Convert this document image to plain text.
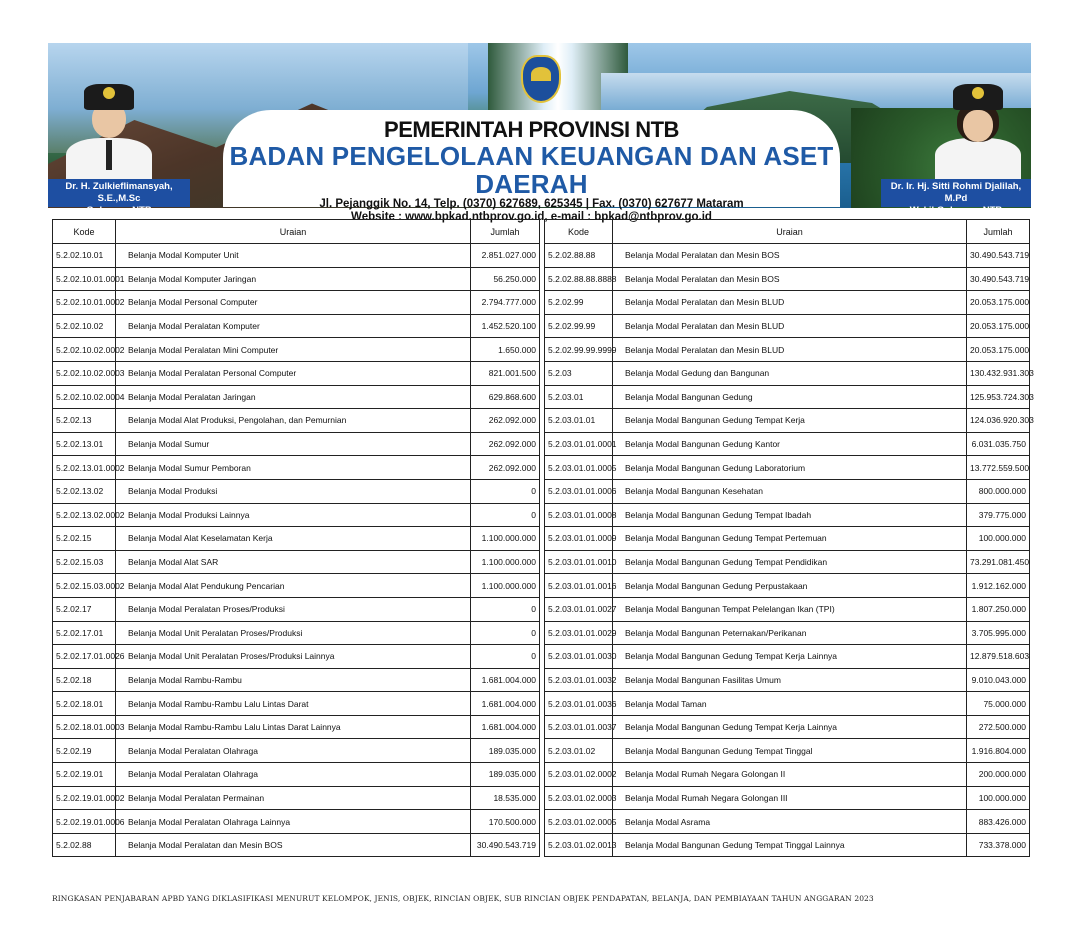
Dr. H. Zulkieflimansyah, S.E.,M.Sc
Gubernur NTB
Dr. Ir. Hj. Sitti Rohmi Djalilah, M.Pd
Wakil Gubernur NTB
PEMERINTAH PROVINSI NTB
BADAN PENGELOLAAN KEUANGAN DAN ASET DAERAH
Jl. Pejanggik No. 14, Telp. (0370) 627689, 625345 | Fax. (0370) 627677 Mataram
Website : www.bpkad.ntbprov.go.id, e-mail : bpkad@ntbprov.go.id
Kode	Uraian	Jumlah
5.2.02.10.01	Belanja Modal Komputer Unit	2.851.027.000
5.2.02.10.01.0001	Belanja Modal Komputer Jaringan	56.250.000
5.2.02.10.01.0002	Belanja Modal Personal Computer	2.794.777.000
5.2.02.10.02	Belanja Modal Peralatan Komputer	1.452.520.100
5.2.02.10.02.0002	Belanja Modal Peralatan Mini Computer	1.650.000
5.2.02.10.02.0003	Belanja Modal Peralatan Personal Computer	821.001.500
5.2.02.10.02.0004	Belanja Modal Peralatan Jaringan	629.868.600
5.2.02.13	Belanja Modal Alat Produksi, Pengolahan, dan Pemurnian	262.092.000
5.2.02.13.01	Belanja Modal Sumur	262.092.000
5.2.02.13.01.0002	Belanja Modal Sumur Pemboran	262.092.000
5.2.02.13.02	Belanja Modal Produksi	0
5.2.02.13.02.0002	Belanja Modal Produksi Lainnya	0
5.2.02.15	Belanja Modal Alat Keselamatan Kerja	1.100.000.000
5.2.02.15.03	Belanja Modal Alat SAR	1.100.000.000
5.2.02.15.03.0002	Belanja Modal Alat Pendukung Pencarian	1.100.000.000
5.2.02.17	Belanja Modal Peralatan Proses/Produksi	0
5.2.02.17.01	Belanja Modal Unit Peralatan Proses/Produksi	0
5.2.02.17.01.0026	Belanja Modal Unit Peralatan Proses/Produksi Lainnya	0
5.2.02.18	Belanja Modal Rambu-Rambu	1.681.004.000
5.2.02.18.01	Belanja Modal Rambu-Rambu Lalu Lintas Darat	1.681.004.000
5.2.02.18.01.0003	Belanja Modal Rambu-Rambu Lalu Lintas Darat Lainnya	1.681.004.000
5.2.02.19	Belanja Modal Peralatan Olahraga	189.035.000
5.2.02.19.01	Belanja Modal Peralatan Olahraga	189.035.000
5.2.02.19.01.0002	Belanja Modal Peralatan Permainan	18.535.000
5.2.02.19.01.0006	Belanja Modal Peralatan Olahraga Lainnya	170.500.000
5.2.02.88	Belanja Modal Peralatan dan Mesin BOS	30.490.543.719
Kode	Uraian	Jumlah
5.2.02.88.88	Belanja Modal Peralatan dan Mesin BOS	30.490.543.719
5.2.02.88.88.8888	Belanja Modal Peralatan dan Mesin BOS	30.490.543.719
5.2.02.99	Belanja Modal Peralatan dan Mesin BLUD	20.053.175.000
5.2.02.99.99	Belanja Modal Peralatan dan Mesin BLUD	20.053.175.000
5.2.02.99.99.9999	Belanja Modal Peralatan dan Mesin BLUD	20.053.175.000
5.2.03	Belanja Modal Gedung dan Bangunan	130.432.931.303
5.2.03.01	Belanja Modal Bangunan Gedung	125.953.724.303
5.2.03.01.01	Belanja Modal Bangunan Gedung Tempat Kerja	124.036.920.303
5.2.03.01.01.0001	Belanja Modal Bangunan Gedung Kantor	6.031.035.750
5.2.03.01.01.0005	Belanja Modal Bangunan Gedung Laboratorium	13.772.559.500
5.2.03.01.01.0006	Belanja Modal Bangunan Kesehatan	800.000.000
5.2.03.01.01.0008	Belanja Modal Bangunan Gedung Tempat Ibadah	379.775.000
5.2.03.01.01.0009	Belanja Modal Bangunan Gedung Tempat Pertemuan	100.000.000
5.2.03.01.01.0010	Belanja Modal Bangunan Gedung Tempat Pendidikan	73.291.081.450
5.2.03.01.01.0016	Belanja Modal Bangunan Gedung Perpustakaan	1.912.162.000
5.2.03.01.01.0027	Belanja Modal Bangunan Tempat Pelelangan Ikan (TPI)	1.807.250.000
5.2.03.01.01.0029	Belanja Modal Bangunan Peternakan/Perikanan	3.705.995.000
5.2.03.01.01.0030	Belanja Modal Bangunan Gedung Tempat Kerja Lainnya	12.879.518.603
5.2.03.01.01.0032	Belanja Modal Bangunan Fasilitas Umum	9.010.043.000
5.2.03.01.01.0036	Belanja Modal Taman	75.000.000
5.2.03.01.01.0037	Belanja Modal Bangunan Gedung Tempat Kerja Lainnya	272.500.000
5.2.03.01.02	Belanja Modal Bangunan Gedung Tempat Tinggal	1.916.804.000
5.2.03.01.02.0002	Belanja Modal Rumah Negara Golongan II	200.000.000
5.2.03.01.02.0003	Belanja Modal Rumah Negara Golongan III	100.000.000
5.2.03.01.02.0005	Belanja Modal Asrama	883.426.000
5.2.03.01.02.0013	Belanja Modal Bangunan Gedung Tempat Tinggal Lainnya	733.378.000
RINGKASAN PENJABARAN APBD YANG DIKLASIFIKASI MENURUT KELOMPOK, JENIS, OBJEK, RINCIAN OBJEK, SUB RINCIAN OBJEK PENDAPATAN, BELANJA, DAN PEMBIAYAAN TAHUN ANGGARAN 2023
